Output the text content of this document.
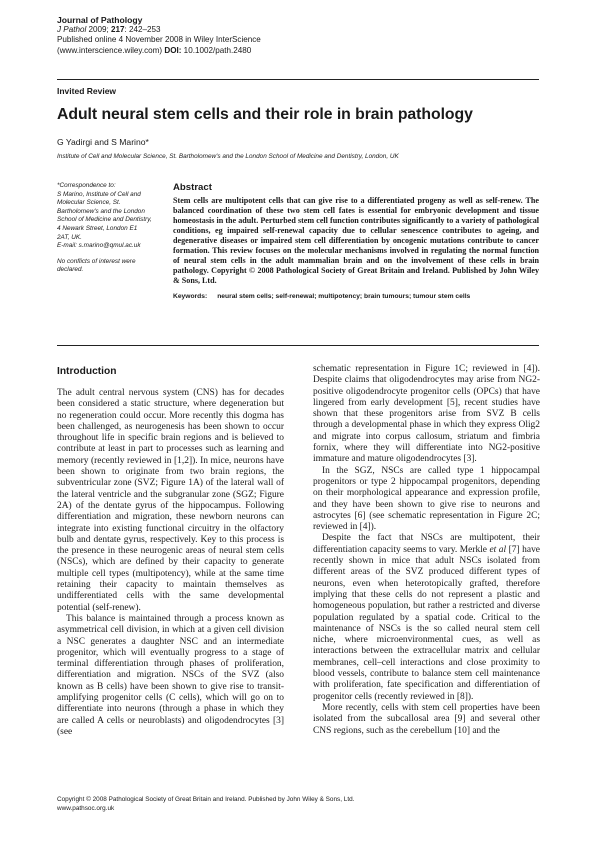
Journal of Pathology
J Pathol 2009; 217: 242–253
Published online 4 November 2008 in Wiley InterScience
(www.interscience.wiley.com) DOI: 10.1002/path.2480
Invited Review
Adult neural stem cells and their role in brain pathology
G Yadirgi and S Marino*
Institute of Cell and Molecular Science, St. Bartholomew's and the London School of Medicine and Dentistry, London, UK

*Correspondence to:

S Marino, Institute of Cell and

Molecular Science, St.

Bartholomew's and the London

School of Medicine and Dentistry,

4 Newark Street, London E1

2AT, UK.

E-mail: s.marino@qmul.ac.uk

No conflicts of interest were

declared.

Abstract

Stem cells are multipotent cells that can give rise to a differentiated progeny as well as self-renew. The balanced coordination of these two stem cell fates is essential for embryonic development and tissue homeostasis in the adult. Perturbed stem cell function contributes significantly to a variety of pathological conditions, eg impaired self-renewal capacity due to cellular senescence contributes to ageing, and degenerative diseases or impaired stem cell differentiation by oncogenic mutations contribute to cancer formation. This review focuses on the molecular mechanisms involved in regulating the normal function of neural stem cells in the adult mammalian brain and on the involvement of these cells in brain pathology. Copyright © 2008 Pathological Society of Great Britain and Ireland. Published by John Wiley & Sons, Ltd.

Keywords: neural stem cells; self-renewal; multipotency; brain tumours; tumour stem cells
Introduction

The adult central nervous system (CNS) has for decades been considered a static structure, where degeneration but no regeneration could occur. More recently this dogma has been challenged, as neurogenesis has been shown to occur throughout life in specific brain regions and is believed to contribute at least in part to processes such as learning and memory (recently reviewed in [1,2]). In mice, neurons have been shown to originate from two brain regions, the subventricular zone (SVZ; Figure 1A) of the lateral wall of the lateral ventricle and the subgranular zone (SGZ; Figure 2A) of the dentate gyrus of the hippocampus. Following differentiation and migration, these newborn neurons can integrate into existing functional circuitry in the olfactory bulb and dentate gyrus, respectively. Key to this process is the presence in these neurogenic areas of neural stem cells (NSCs), which are defined by their capacity to generate multiple cell types (multipotency), while at the same time retaining their capacity to maintain themselves as undifferentiated cells with the same developmental potential (self-renew).

This balance is maintained through a process known as asymmetrical cell division, in which at a given cell division a NSC generates a daughter NSC and an intermediate progenitor, which will eventually progress to a stage of terminal differentiation through phases of proliferation, differentiation and migration. NSCs of the SVZ (also known as B cells) have been shown to give rise to transit-amplifying progenitor cells (C cells), which will go on to differentiate into neurons (through a phase in which they are called A cells or neuroblasts) and oligodendrocytes [3] (see

schematic representation in Figure 1C; reviewed in [4]). Despite claims that oligodendrocytes may arise from NG2-positive oligodendrocyte progenitor cells (OPCs) that have lingered from early development [5], recent studies have shown that these progenitors arise from SVZ B cells through a developmental phase in which they express Olig2 and migrate into corpus callosum, striatum and fimbria fornix, where they will differentiate into NG2-positive immature and mature oligodendrocytes [3].

In the SGZ, NSCs are called type 1 hippocampal progenitors or type 2 hippocampal progenitors, depending on their morphological appearance and expression profile, and they have been shown to give rise to neurons and astrocytes [6] (see schematic representation in Figure 2C; reviewed in [4]).

Despite the fact that NSCs are multipotent, their differentiation capacity seems to vary. Merkle et al [7] have recently shown in mice that adult NSCs isolated from different areas of the SVZ produced different types of neurons, even when heterotopically grafted, therefore implying that these cells do not represent a plastic and homogeneous population, but rather a restricted and diverse population regulated by a spatial code. Critical to the maintenance of NSCs is the so called neural stem cell niche, where microenvironmental cues, as well as interactions between the extracellular matrix and cellular membranes, cell–cell interactions and close proximity to blood vessels, contribute to balance stem cell maintenance with proliferation, fate specification and differentiation of progenitor cells (recently reviewed in [8]).

More recently, cells with stem cell properties have been isolated from the subcallosal area [9] and several other CNS regions, such as the cerebellum [10] and the

Copyright © 2008 Pathological Society of Great Britain and Ireland. Published by John Wiley & Sons, Ltd.
www.pathsoc.org.uk
